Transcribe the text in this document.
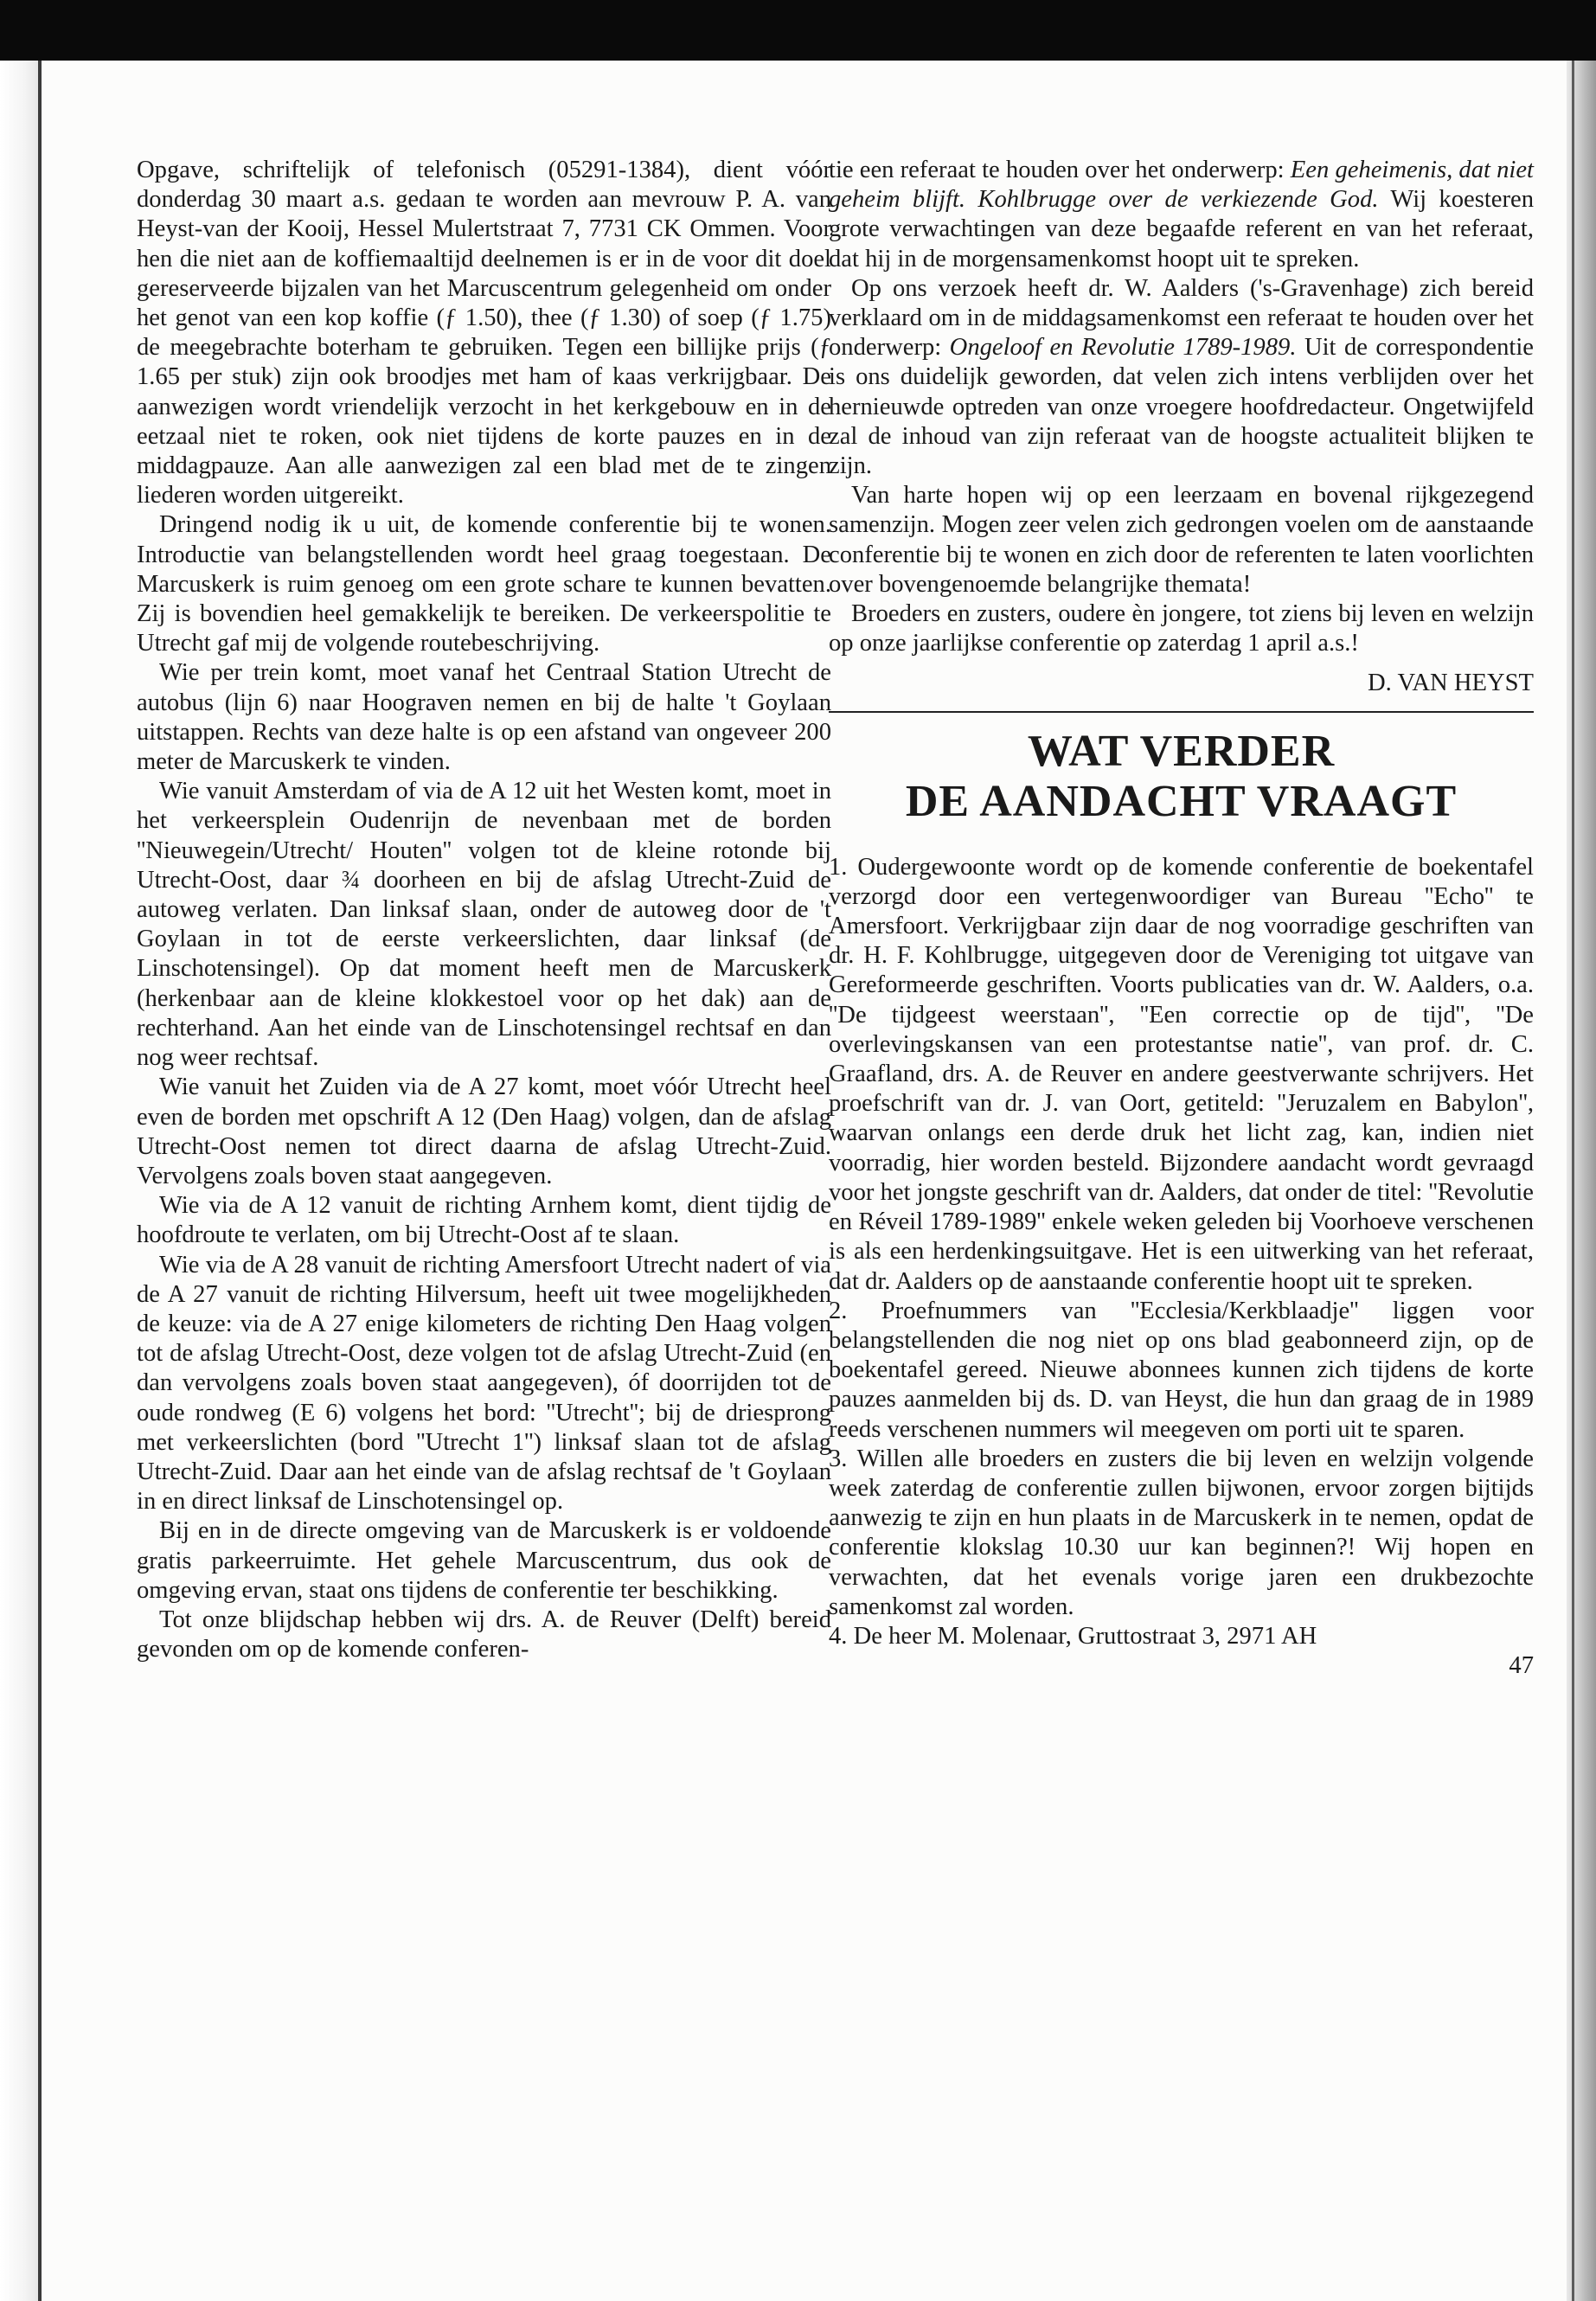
Opgave, schriftelijk of telefonisch (05291-1384), dient vóór donderdag 30 maart a.s. gedaan te worden aan mevrouw P. A. van Heyst-van der Kooij, Hessel Mulertstraat 7, 7731 CK Ommen. Voor hen die niet aan de koffiemaaltijd deelnemen is er in de voor dit doel gereserveerde bijzalen van het Marcuscentrum gelegenheid om onder het genot van een kop koffie (ƒ 1.50), thee (ƒ 1.30) of soep (ƒ 1.75) de meegebrachte boterham te gebruiken. Tegen een billijke prijs (ƒ 1.65 per stuk) zijn ook broodjes met ham of kaas verkrijgbaar. De aanwezigen wordt vriendelijk verzocht in het kerkgebouw en in de eetzaal niet te roken, ook niet tijdens de korte pauzes en in de middagpauze. Aan alle aanwezigen zal een blad met de te zingen liederen worden uitgereikt.

Dringend nodig ik u uit, de komende conferentie bij te wonen. Introductie van belangstellenden wordt heel graag toegestaan. De Marcuskerk is ruim genoeg om een grote schare te kunnen bevatten. Zij is bovendien heel gemakkelijk te bereiken. De verkeerspolitie te Utrecht gaf mij de volgende routebeschrijving.

Wie per trein komt, moet vanaf het Centraal Station Utrecht de autobus (lijn 6) naar Hoograven nemen en bij de halte 't Goylaan uitstappen. Rechts van deze halte is op een afstand van ongeveer 200 meter de Marcuskerk te vinden.

Wie vanuit Amsterdam of via de A 12 uit het Westen komt, moet in het verkeersplein Oudenrijn de nevenbaan met de borden ''Nieuwegein/Utrecht/ Houten'' volgen tot de kleine rotonde bij Utrecht-Oost, daar ¾ doorheen en bij de afslag Utrecht-Zuid de autoweg verlaten. Dan linksaf slaan, onder de autoweg door de 't Goylaan in tot de eerste verkeerslichten, daar linksaf (de Linschotensingel). Op dat moment heeft men de Marcuskerk (herkenbaar aan de kleine klokkestoel voor op het dak) aan de rechterhand. Aan het einde van de Linschotensingel rechtsaf en dan nog weer rechtsaf.

Wie vanuit het Zuiden via de A 27 komt, moet vóór Utrecht heel even de borden met opschrift A 12 (Den Haag) volgen, dan de afslag Utrecht-Oost nemen tot direct daarna de afslag Utrecht-Zuid. Vervolgens zoals boven staat aangegeven.

Wie via de A 12 vanuit de richting Arnhem komt, dient tijdig de hoofdroute te verlaten, om bij Utrecht-Oost af te slaan.

Wie via de A 28 vanuit de richting Amersfoort Utrecht nadert of via de A 27 vanuit de richting Hilversum, heeft uit twee mogelijkheden de keuze: via de A 27 enige kilometers de richting Den Haag volgen tot de afslag Utrecht-Oost, deze volgen tot de afslag Utrecht-Zuid (en dan vervolgens zoals boven staat aangegeven), óf doorrijden tot de oude rondweg (E 6) volgens het bord: ''Utrecht''; bij de driesprong met verkeerslichten (bord ''Utrecht 1'') linksaf slaan tot de afslag Utrecht-Zuid. Daar aan het einde van de afslag rechtsaf de 't Goylaan in en direct linksaf de Linschotensingel op.

Bij en in de directe omgeving van de Marcuskerk is er voldoende gratis parkeerruimte. Het gehele Marcuscentrum, dus ook de omgeving ervan, staat ons tijdens de conferentie ter beschikking.

Tot onze blijdschap hebben wij drs. A. de Reuver (Delft) bereid gevonden om op de komende conferen-

tie een referaat te houden over het onderwerp: Een geheimenis, dat niet geheim blijft. Kohlbrugge over de verkiezende God. Wij koesteren grote verwachtingen van deze begaafde referent en van het referaat, dat hij in de morgensamenkomst hoopt uit te spreken.

Op ons verzoek heeft dr. W. Aalders ('s-Gravenhage) zich bereid verklaard om in de middagsamenkomst een referaat te houden over het onderwerp: Ongeloof en Revolutie 1789-1989. Uit de correspondentie is ons duidelijk geworden, dat velen zich intens verblijden over het hernieuwde optreden van onze vroegere hoofdredacteur. Ongetwijfeld zal de inhoud van zijn referaat van de hoogste actualiteit blijken te zijn.

Van harte hopen wij op een leerzaam en bovenal rijkgezegend samenzijn. Mogen zeer velen zich gedrongen voelen om de aanstaande conferentie bij te wonen en zich door de referenten te laten voorlichten over bovengenoemde belangrijke themata!

Broeders en zusters, oudere èn jongere, tot ziens bij leven en welzijn op onze jaarlijkse conferentie op zaterdag 1 april a.s.!

D. VAN HEYST

WAT VERDER
DE AANDACHT VRAAGT

1. Oudergewoonte wordt op de komende conferentie de boekentafel verzorgd door een vertegenwoordiger van Bureau ''Echo'' te Amersfoort. Verkrijgbaar zijn daar de nog voorradige geschriften van dr. H. F. Kohlbrugge, uitgegeven door de Vereniging tot uitgave van Gereformeerde geschriften. Voorts publicaties van dr. W. Aalders, o.a. ''De tijdgeest weerstaan'', ''Een correctie op de tijd'', ''De overlevingskansen van een protestantse natie'', van prof. dr. C. Graafland, drs. A. de Reuver en andere geestverwante schrijvers. Het proefschrift van dr. J. van Oort, getiteld: ''Jeruzalem en Babylon'', waarvan onlangs een derde druk het licht zag, kan, indien niet voorradig, hier worden besteld. Bijzondere aandacht wordt gevraagd voor het jongste geschrift van dr. Aalders, dat onder de titel: ''Revolutie en Réveil 1789-1989'' enkele weken geleden bij Voorhoeve verschenen is als een herdenkingsuitgave. Het is een uitwerking van het referaat, dat dr. Aalders op de aanstaande conferentie hoopt uit te spreken.

2. Proefnummers van ''Ecclesia/Kerkblaadje'' liggen voor belangstellenden die nog niet op ons blad geabonneerd zijn, op de boekentafel gereed. Nieuwe abonnees kunnen zich tijdens de korte pauzes aanmelden bij ds. D. van Heyst, die hun dan graag de in 1989 reeds verschenen nummers wil meegeven om porti uit te sparen.

3. Willen alle broeders en zusters die bij leven en welzijn volgende week zaterdag de conferentie zullen bijwonen, ervoor zorgen bijtijds aanwezig te zijn en hun plaats in de Marcuskerk in te nemen, opdat de conferentie klokslag 10.30 uur kan beginnen?! Wij hopen en verwachten, dat het evenals vorige jaren een drukbezochte samenkomst zal worden.

4. De heer M. Molenaar, Gruttostraat 3, 2971 AH

47
